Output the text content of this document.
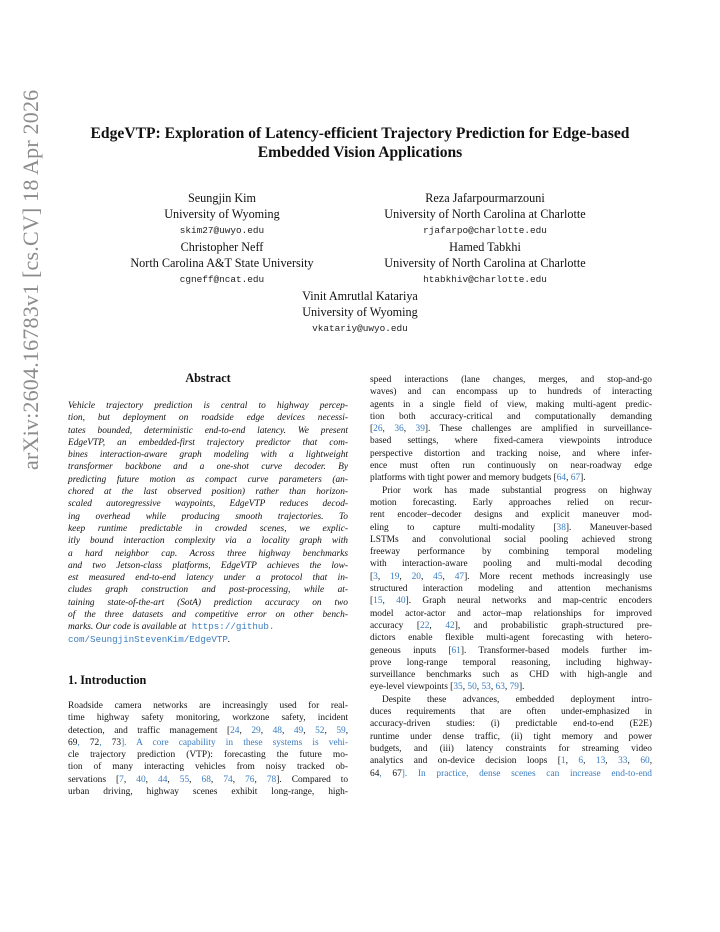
arXiv:2604.16783v1 [cs.CV] 18 Apr 2026	EdgeVTP: Exploration of Latency-efficient Trajectory Prediction for Edge-based
Embedded Vision Applications
Seungjin Kim
University of Wyoming
skim27@uwyo.edu
Reza Jafarpourmarzouni
University of North Carolina at Charlotte
rjafarpo@charlotte.edu
Christopher Neff
North Carolina A&T State University
cgneff@ncat.edu
Hamed Tabkhi
University of North Carolina at Charlotte
htabkhiv@charlotte.edu
Vinit Amrutlal Katariya
University of Wyoming
vkatariy@uwyo.edu
Abstract
Vehicle trajectory prediction is central to highway percep-
tion, but deployment on roadside edge devices necessi-
tates bounded, deterministic end-to-end latency. We present
EdgeVTP, an embedded-first trajectory predictor that com-
bines interaction-aware graph modeling with a lightweight
transformer backbone and a one-shot curve decoder. By
predicting future motion as compact curve parameters (an-
chored at the last observed position) rather than horizon-
scaled autoregressive waypoints, EdgeVTP reduces decod-
ing overhead while producing smooth trajectories. To
keep runtime predictable in crowded scenes, we explic-
itly bound interaction complexity via a locality graph with
a hard neighbor cap. Across three highway benchmarks
and two Jetson-class platforms, EdgeVTP achieves the low-
est measured end-to-end latency under a protocol that in-
cludes graph construction and post-processing, while at-
taining state-of-the-art (SotA) prediction accuracy on two
of the three datasets and competitive error on other bench-
marks. Our code is available at https://github.
com/SeungjinStevenKim/EdgeVTP.
1. Introduction
Roadside camera networks are increasingly used for real-
time highway safety monitoring, workzone safety, incident
detection, and traffic management [24, 29, 48, 49, 52, 59,
69, 72, 73]. A core capability in these systems is vehi-
cle trajectory prediction (VTP): forecasting the future mo-
tion of many interacting vehicles from noisy tracked ob-
servations [7, 40, 44, 55, 68, 74, 76, 78]. Compared to
urban driving, highway scenes exhibit long-range, high-
speed interactions (lane changes, merges, and stop-and-go
waves) and can encompass up to hundreds of interacting
agents in a single field of view, making multi-agent predic-
tion both accuracy-critical and computationally demanding
[26, 36, 39]. These challenges are amplified in surveillance-
based settings, where fixed-camera viewpoints introduce
perspective distortion and tracking noise, and where infer-
ence must often run continuously on near-roadway edge
platforms with tight power and memory budgets [64, 67].
Prior work has made substantial progress on highway
motion forecasting. Early approaches relied on recur-
rent encoder–decoder designs and explicit maneuver mod-
eling to capture multi-modality [38]. Maneuver-based
LSTMs and convolutional social pooling achieved strong
freeway performance by combining temporal modeling
with interaction-aware pooling and multi-modal decoding
[3, 19, 20, 45, 47]. More recent methods increasingly use
structured interaction modeling and attention mechanisms
[15, 40]. Graph neural networks and map-centric encoders
model actor-actor and actor–map relationships for improved
accuracy [22, 42], and probabilistic graph-structured pre-
dictors enable flexible multi-agent forecasting with hetero-
geneous inputs [61]. Transformer-based models further im-
prove long-range temporal reasoning, including highway-
surveillance benchmarks such as CHD with high-angle and
eye-level viewpoints [35, 50, 53, 63, 79].
Despite these advances, embedded deployment intro-
duces requirements that are often under-emphasized in
accuracy-driven studies: (i) predictable end-to-end (E2E)
runtime under dense traffic, (ii) tight memory and power
budgets, and (iii) latency constraints for streaming video
analytics and on-device decision loops [1, 6, 13, 33, 60,
64, 67]. In practice, dense scenes can increase end-to-end
